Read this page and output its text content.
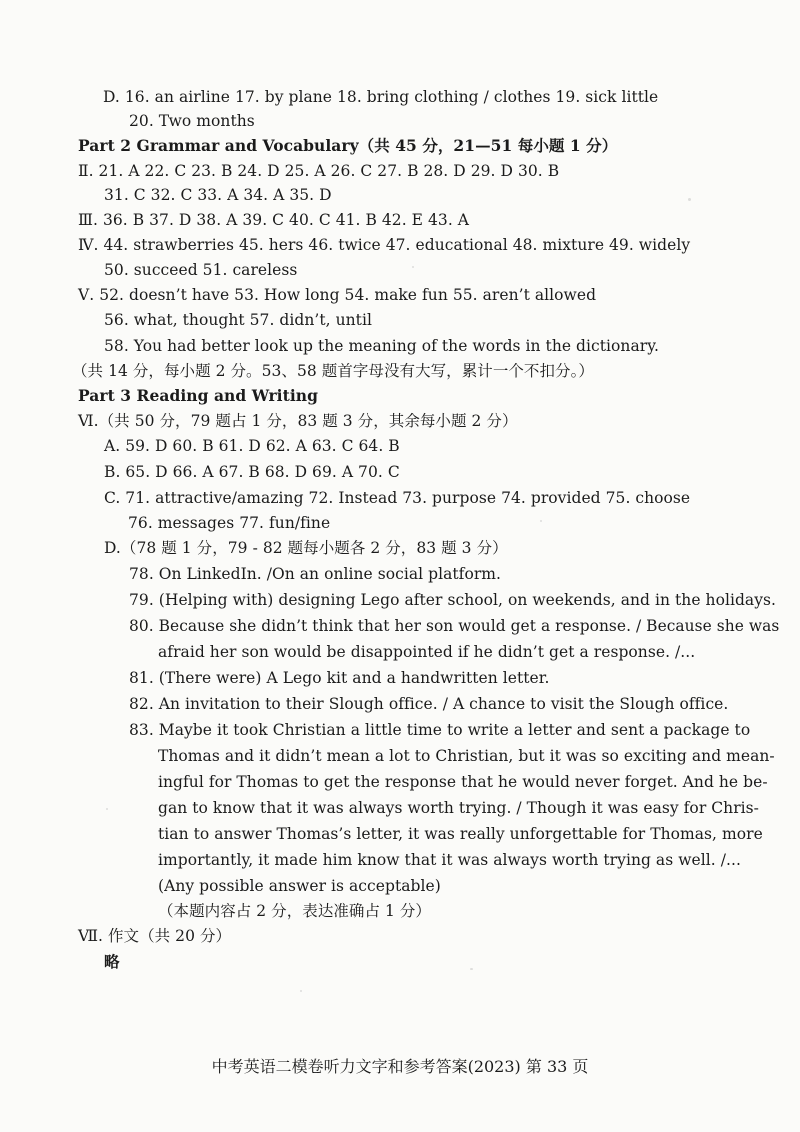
D. 16. an airline 17. by plane 18. bring clothing / clothes 19. sick little
20. Two months
Part 2 Grammar and Vocabulary（共 45 分，21—51 每小题 1 分）
Ⅱ. 21. A 22. C 23. B 24. D 25. A 26. C 27. B 28. D 29. D 30. B
31. C 32. C 33. A 34. A 35. D
Ⅲ. 36. B 37. D 38. A 39. C 40. C 41. B 42. E 43. A
Ⅳ. 44. strawberries 45. hers 46. twice 47. educational 48. mixture 49. widely
50. succeed 51. careless
Ⅴ. 52. doesn’t have 53. How long 54. make fun 55. aren’t allowed
56. what, thought 57. didn’t, until
58. You had better look up the meaning of the words in the dictionary.
（共 14 分，每小题 2 分。53、58 题首字母没有大写，累计一个不扣分。）
Part 3 Reading and Writing
Ⅵ.（共 50 分，79 题占 1 分，83 题 3 分，其余每小题 2 分）
A. 59. D 60. B 61. D 62. A 63. C 64. B
B. 65. D 66. A 67. B 68. D 69. A 70. C
C. 71. attractive/amazing 72. Instead 73. purpose 74. provided 75. choose
76. messages 77. fun/fine
D.（78 题 1 分，79 - 82 题每小题各 2 分，83 题 3 分）
78. On LinkedIn. /On an online social platform.
79. (Helping with) designing Lego after school, on weekends, and in the holidays.
80. Because she didn’t think that her son would get a response. / Because she was
afraid her son would be disappointed if he didn’t get a response. /...
81. (There were) A Lego kit and a handwritten letter.
82. An invitation to their Slough office. / A chance to visit the Slough office.
83. Maybe it took Christian a little time to write a letter and sent a package to
Thomas and it didn’t mean a lot to Christian, but it was so exciting and mean-
ingful for Thomas to get the response that he would never forget. And he be-
gan to know that it was always worth trying. / Though it was easy for Chris-
tian to answer Thomas’s letter, it was really unforgettable for Thomas, more
importantly, it made him know that it was always worth trying as well. /...
(Any possible answer is acceptable)
（本题内容占 2 分，表达准确占 1 分）
Ⅶ. 作文（共 20 分）
略
中考英语二模卷听力文字和参考答案(2023) 第 33 页
